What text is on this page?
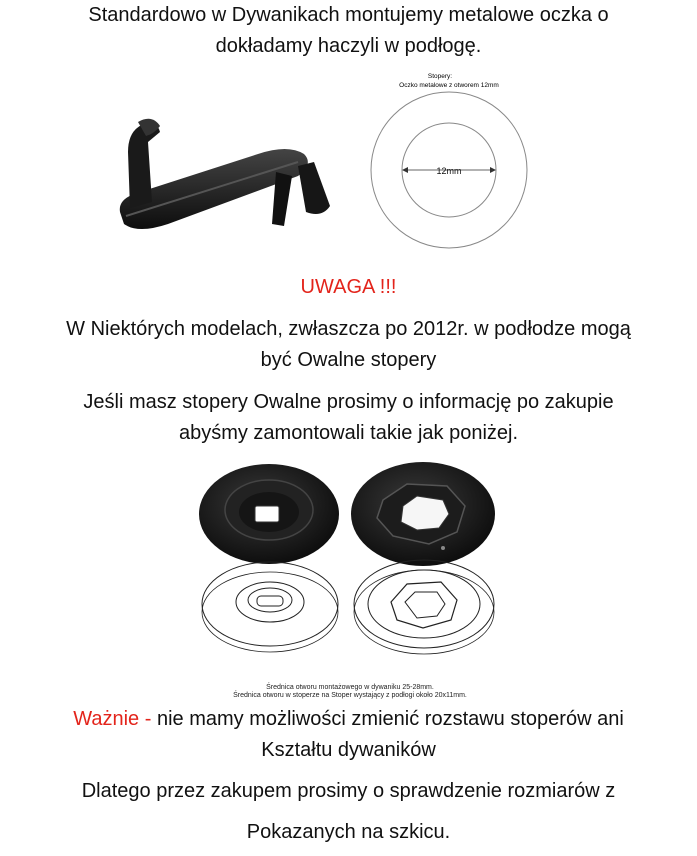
Standardowo w Dywanikach montujemy metalowe oczka o
dokładamy haczyli w podłogę.
Stopery:
Oczko metalowe z otworem 12mm
12mm
UWAGA !!!
W Niektórych modelach, zwłaszcza po 2012r. w podłodze mogą
być Owalne stopery
Jeśli masz stopery Owalne prosimy o informację po zakupie
abyśmy zamontowali takie jak poniżej.
Średnica otworu montażowego w dywaniku 25-28mm.
Średnica otworu w stoperze na Stoper wystający z podłogi około 20x11mm.
Ważnie - nie mamy możliwości zmienić rozstawu stoperów ani
Kształtu dywaników
Dlatego przez zakupem prosimy o sprawdzenie rozmiarów z
Pokazanych na szkicu.
